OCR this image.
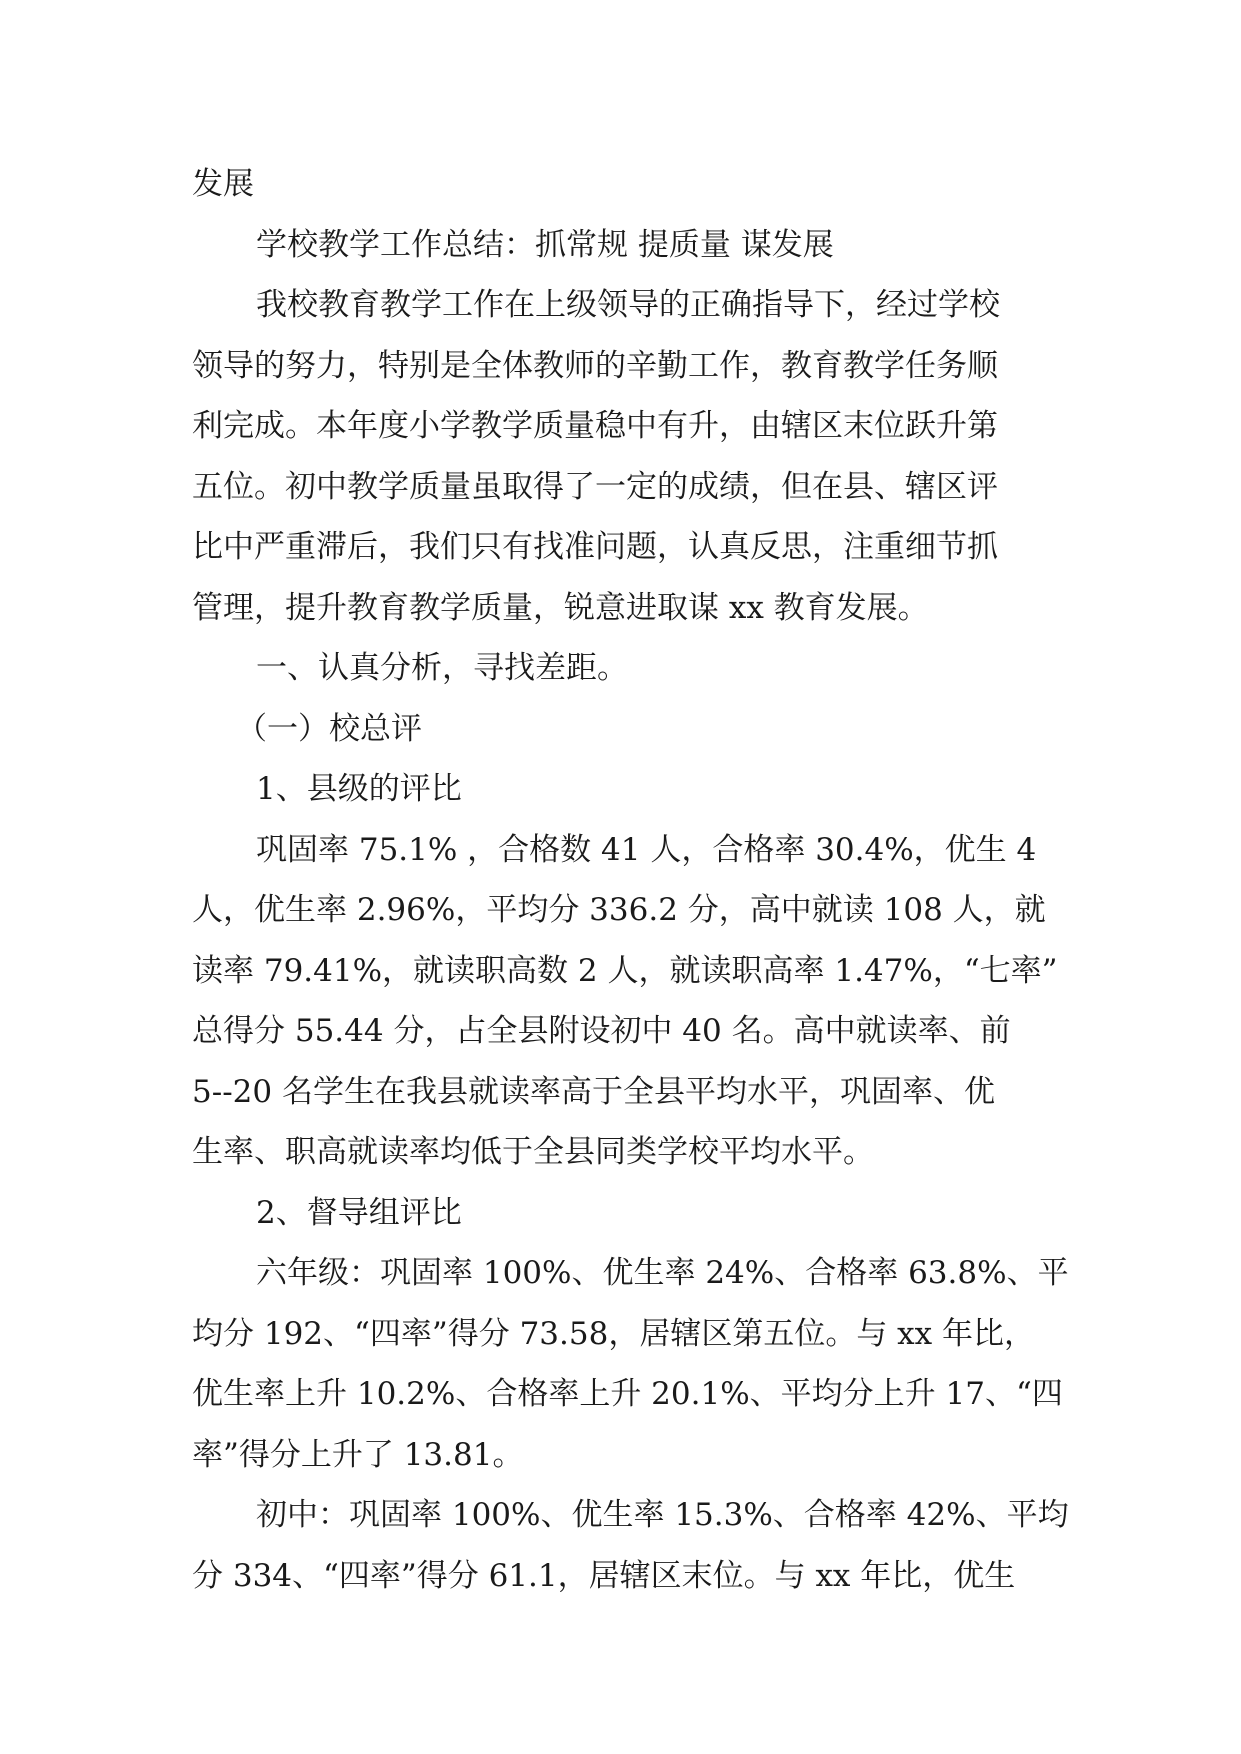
发展
学校教学工作总结：抓常规 提质量 谋发展
我校教育教学工作在上级领导的正确指导下，经过学校
领导的努力，特别是全体教师的辛勤工作，教育教学任务顺
利完成。本年度小学教学质量稳中有升，由辖区末位跃升第
五位。初中教学质量虽取得了一定的成绩，但在县、辖区评
比中严重滞后，我们只有找准问题，认真反思，注重细节抓
管理，提升教育教学质量，锐意进取谋 xx 教育发展。
一、认真分析，寻找差距。
（一）校总评
1、县级的评比
巩固率 75.1% ，合格数 41 人，合格率 30.4%，优生 4
人，优生率 2.96%，平均分 336.2 分，高中就读 108 人，就
读率 79.41%，就读职高数 2 人，就读职高率 1.47%，“七率”
总得分 55.44 分，占全县附设初中 40 名。高中就读率、前
5--20 名学生在我县就读率高于全县平均水平，巩固率、优
生率、职高就读率均低于全县同类学校平均水平。
2、督导组评比
六年级：巩固率 100%、优生率 24%、合格率 63.8%、平
均分 192、“四率”得分 73.58，居辖区第五位。与 xx 年比，
优生率上升 10.2%、合格率上升 20.1%、平均分上升 17、“四
率”得分上升了 13.81。
初中：巩固率 100%、优生率 15.3%、合格率 42%、平均
分 334、“四率”得分 61.1，居辖区末位。与 xx 年比，优生
